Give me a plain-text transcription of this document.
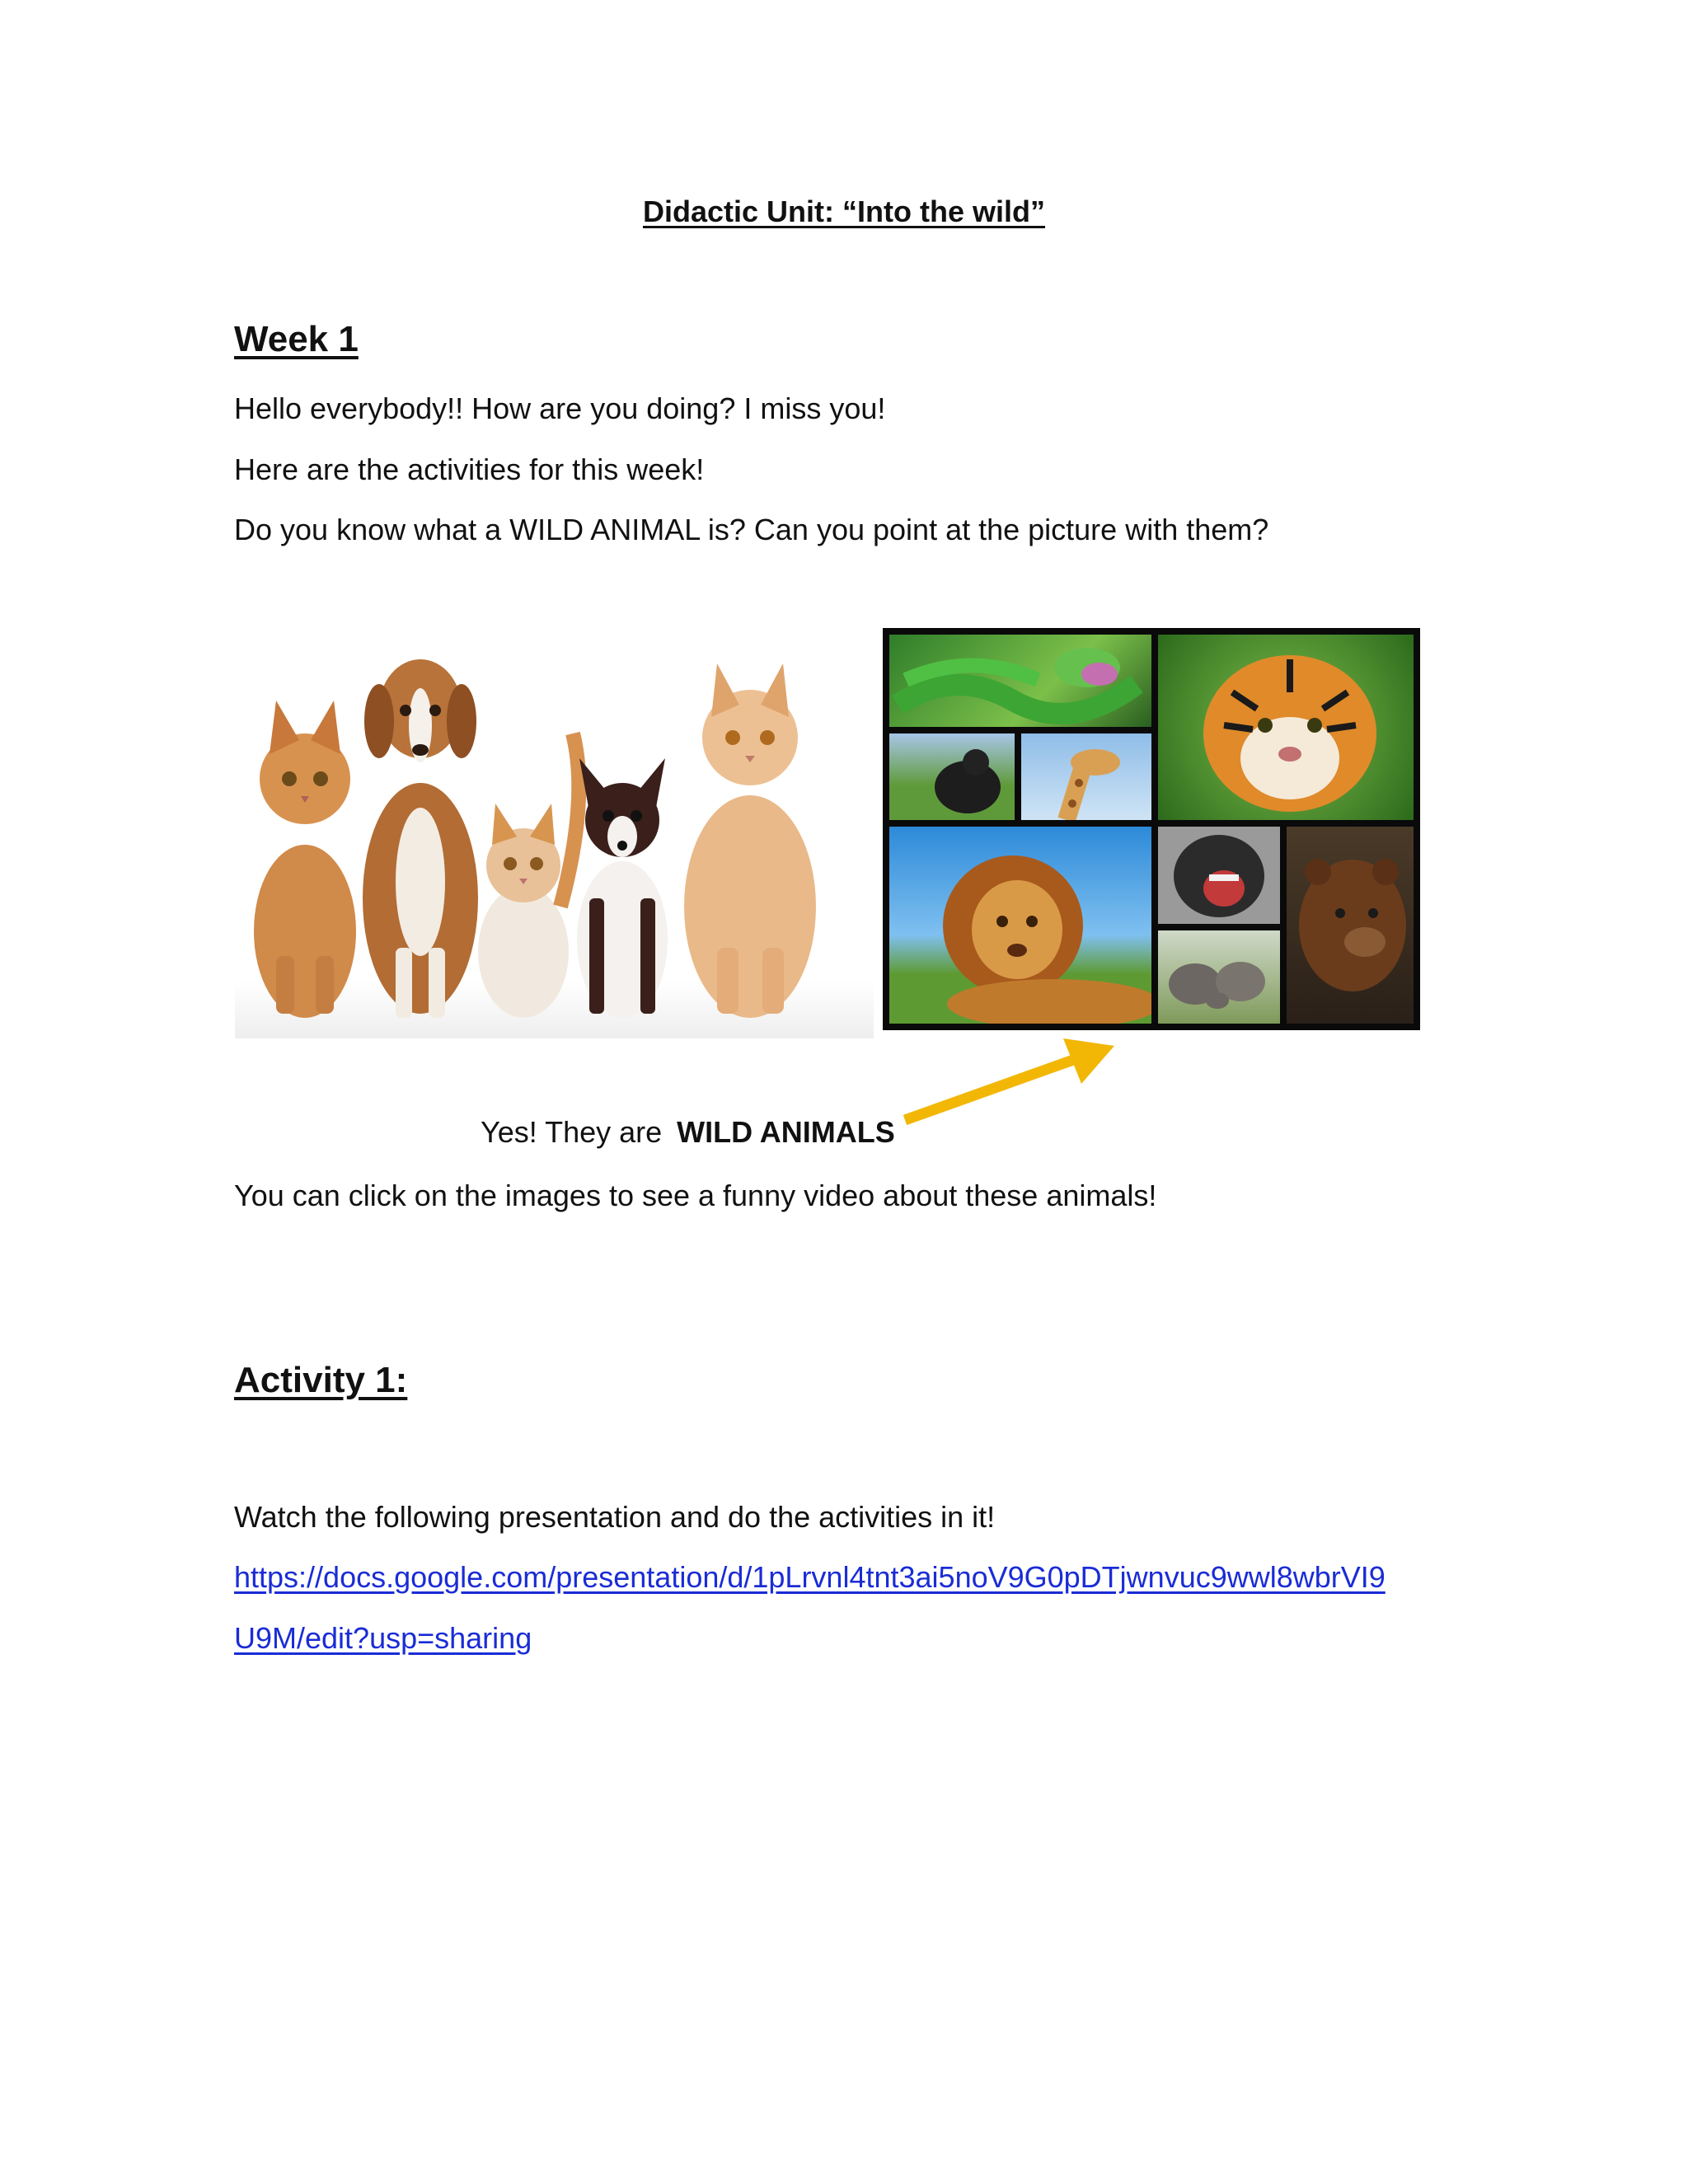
Didactic Unit: “Into the wild”
Week 1
Hello everybody!! How are you doing? I miss you!
Here are the activities for this week!
Do you know what a WILD ANIMAL is? Can you point at the picture with them?
Yes! They are WILD ANIMALS
You can click on the images to see a funny video about these animals!
Activity 1:
Watch the following presentation and do the activities in it!
https://docs.google.com/presentation/d/1pLrvnl4tnt3ai5noV9G0pDTjwnvuc9wwl8wbrVI9
U9M/edit?usp=sharing
